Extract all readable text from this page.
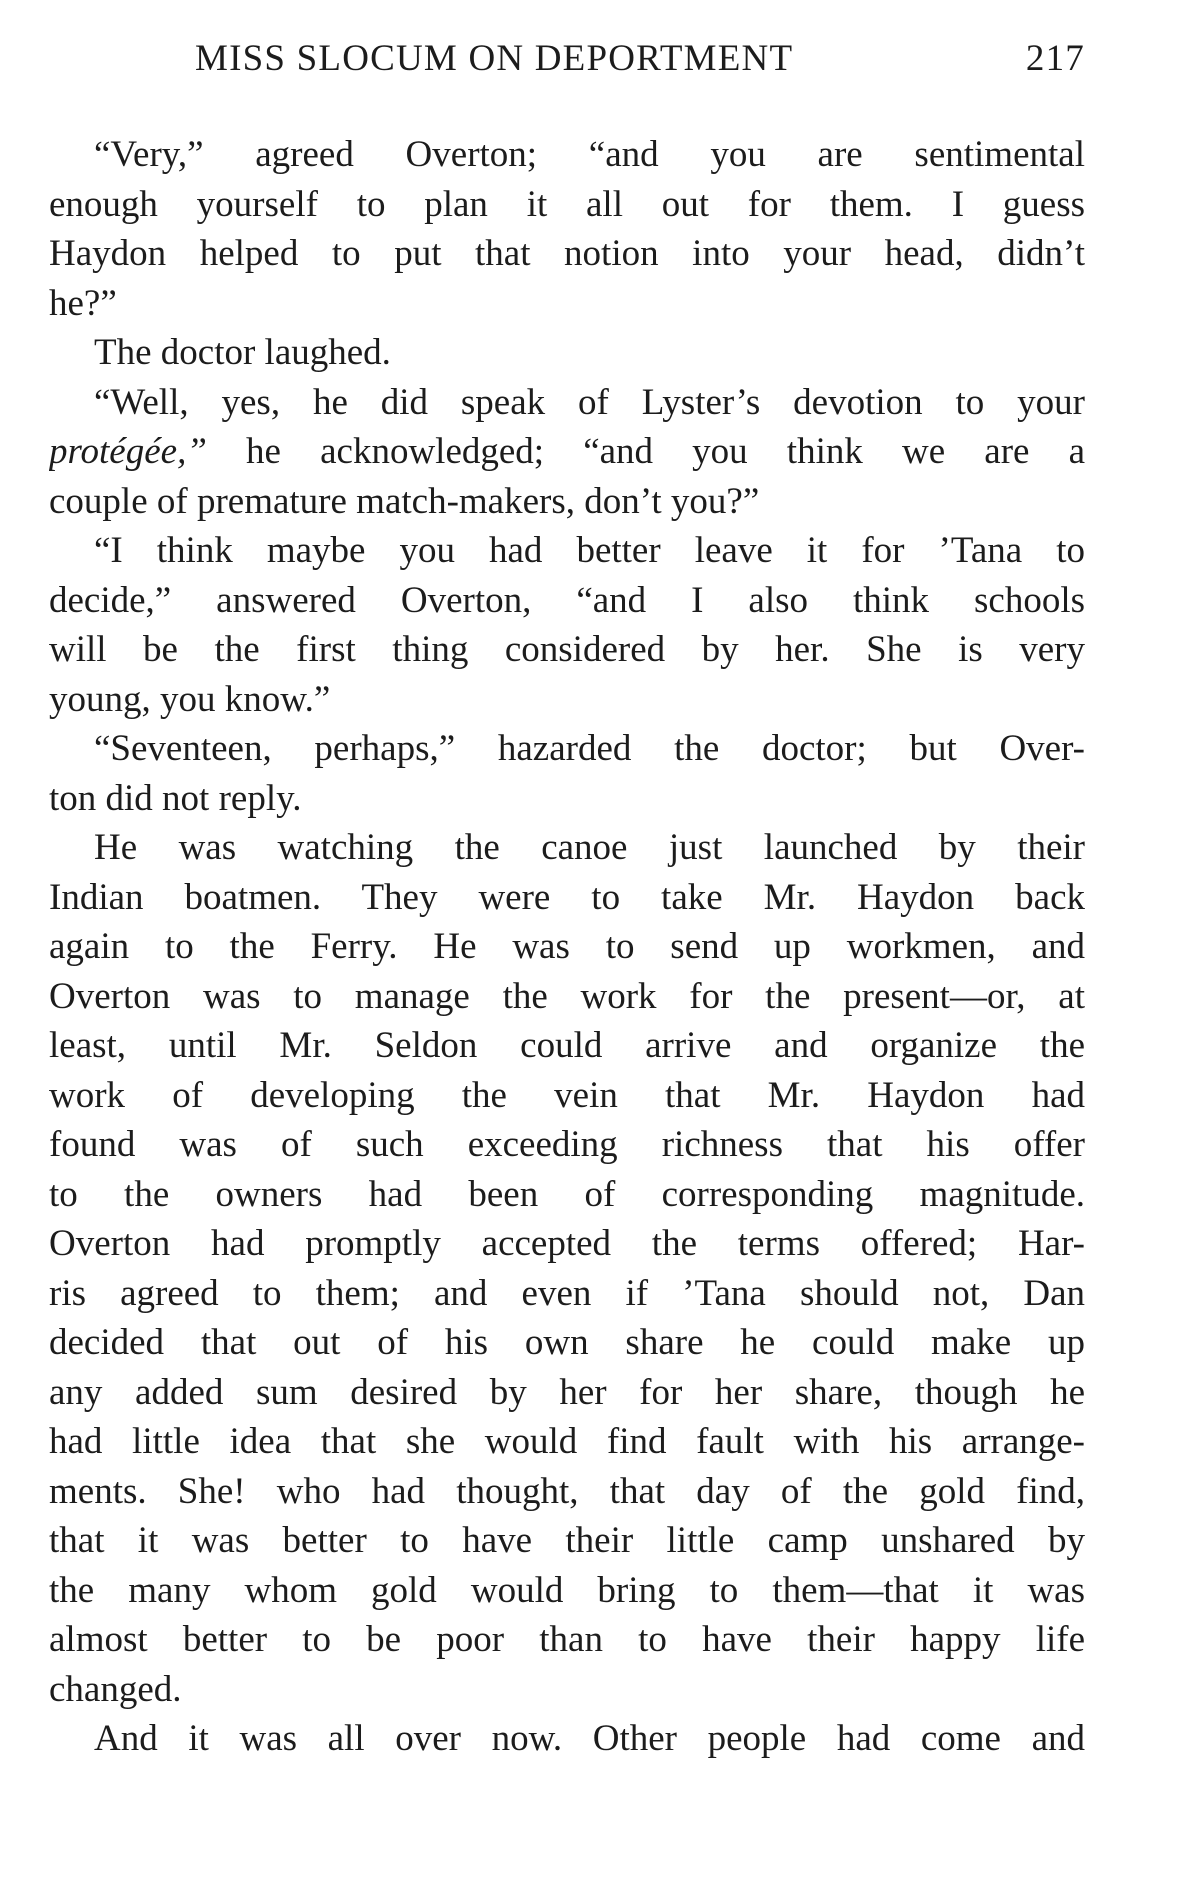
MISS SLOCUM ON DEPORTMENT	217
“Very,” agreed Overton; “and you are sentimental
enough yourself to plan it all out for them. I guess
Haydon helped to put that notion into your head, didn’t
he?”
The doctor laughed.
“Well, yes, he did speak of Lyster’s devotion to your
protégée,” he acknowledged; “and you think we are a
couple of premature match-makers, don’t you?”
“I think maybe you had better leave it for ’Tana to
decide,” answered Overton, “and I also think schools
will be the first thing considered by her. She is very
young, you know.”
“Seventeen, perhaps,” hazarded the doctor; but Over-
ton did not reply.
He was watching the canoe just launched by their
Indian boatmen. They were to take Mr. Haydon back
again to the Ferry. He was to send up workmen, and
Overton was to manage the work for the present—or, at
least, until Mr. Seldon could arrive and organize the
work of developing the vein that Mr. Haydon had
found was of such exceeding richness that his offer
to the owners had been of corresponding magnitude.
Overton had promptly accepted the terms offered; Har-
ris agreed to them; and even if ’Tana should not, Dan
decided that out of his own share he could make up
any added sum desired by her for her share, though he
had little idea that she would find fault with his arrange-
ments. She! who had thought, that day of the gold find,
that it was better to have their little camp unshared by
the many whom gold would bring to them—that it was
almost better to be poor than to have their happy life
changed.
And it was all over now. Other people had come and
